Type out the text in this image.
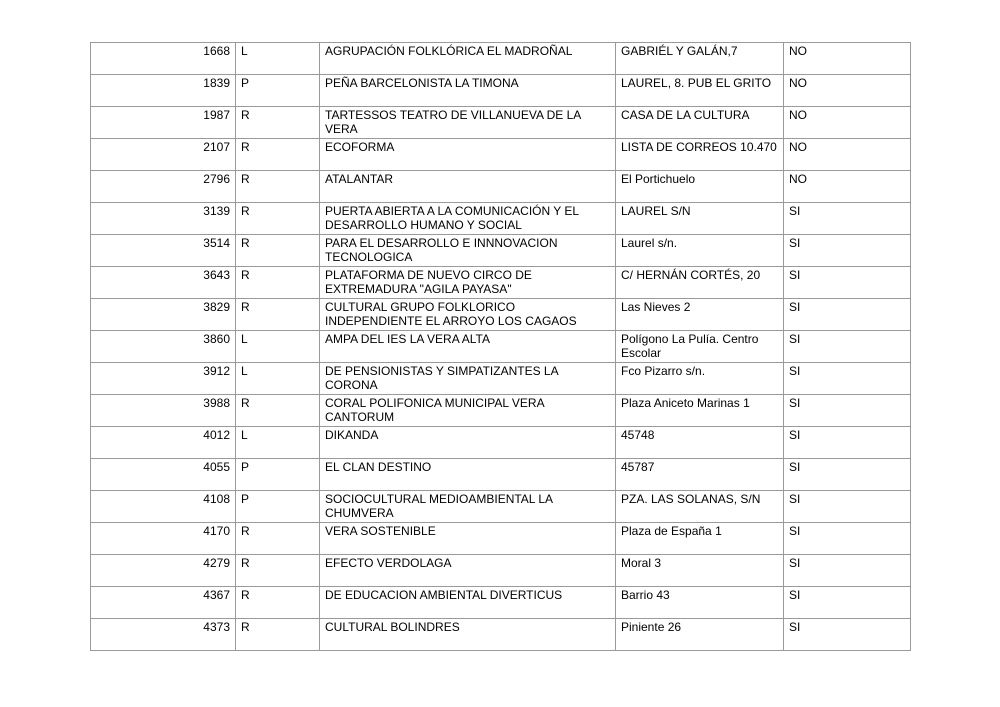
1668	L	AGRUPACIÓN FOLKLÓRICA EL MADROÑAL	GABRIÉL Y GALÁN,7	NO
1839	P	PEÑA BARCELONISTA LA TIMONA	LAUREL, 8. PUB EL GRITO	NO
1987	R	TARTESSOS TEATRO DE VILLANUEVA DE LA VERA	CASA DE LA CULTURA	NO
2107	R	ECOFORMA	LISTA DE CORREOS 10.470	NO
2796	R	ATALANTAR	El Portichuelo	NO
3139	R	PUERTA ABIERTA A LA COMUNICACIÓN Y EL DESARROLLO HUMANO Y SOCIAL	LAUREL S/N	SI
3514	R	PARA EL DESARROLLO E INNNOVACION TECNOLOGICA	Laurel s/n.	SI
3643	R	PLATAFORMA DE NUEVO CIRCO DE EXTREMADURA "AGILA PAYASA"	C/ HERNÁN CORTÉS, 20	SI
3829	R	CULTURAL GRUPO FOLKLORICO INDEPENDIENTE EL ARROYO LOS CAGAOS	Las Nieves 2	SI
3860	L	AMPA DEL IES LA VERA ALTA	Polígono La Pulía. Centro Escolar	SI
3912	L	DE PENSIONISTAS Y SIMPATIZANTES LA CORONA	Fco Pizarro s/n.	SI
3988	R	CORAL POLIFONICA MUNICIPAL VERA CANTORUM	Plaza Aniceto Marinas 1	SI
4012	L	DIKANDA	45748	SI
4055	P	EL CLAN DESTINO	45787	SI
4108	P	SOCIOCULTURAL MEDIOAMBIENTAL LA CHUMVERA	PZA. LAS SOLANAS, S/N	SI
4170	R	VERA SOSTENIBLE	Plaza de España 1	SI
4279	R	EFECTO VERDOLAGA	Moral 3	SI
4367	R	DE EDUCACION AMBIENTAL DIVERTICUS	Barrio 43	SI
4373	R	CULTURAL BOLINDRES	Piniente 26	SI
